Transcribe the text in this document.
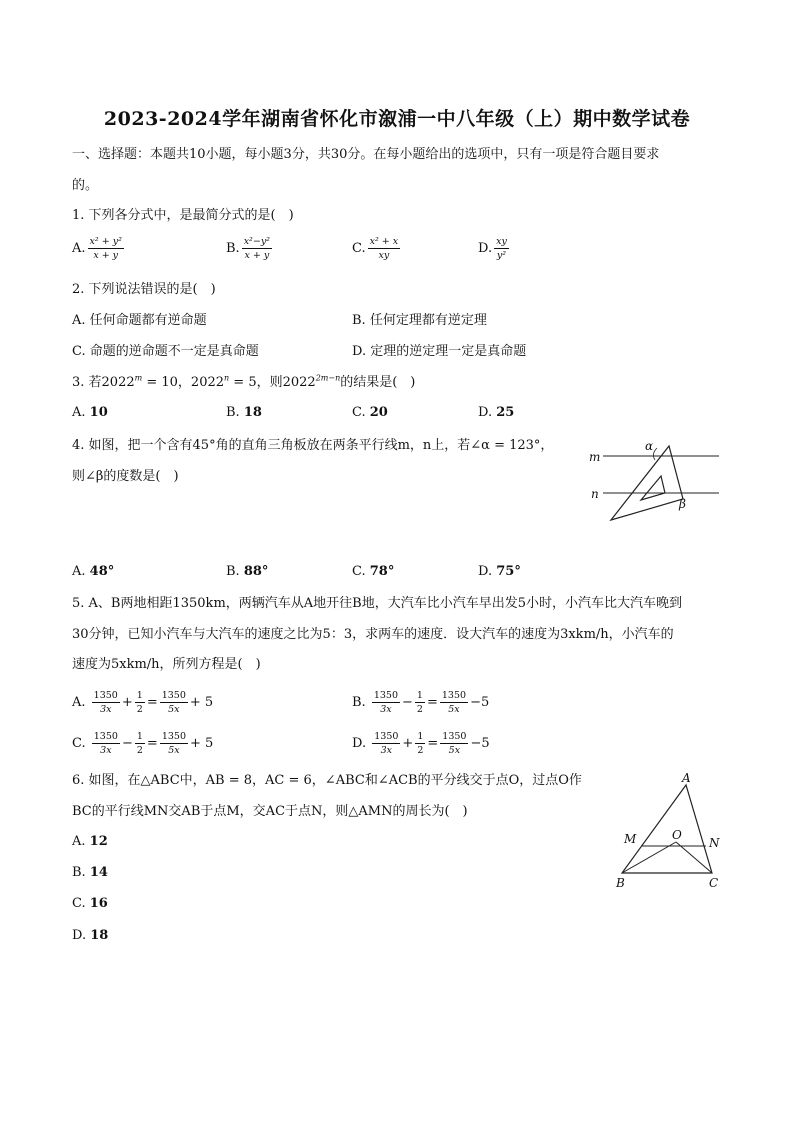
2023-2024学年湖南省怀化市溆浦一中八年级（上）期中数学试卷
一、选择题：本题共10小题，每小题3分，共30分。在每小题给出的选项中，只有一项是符合题目要求
的。
1. 下列各分式中，是最简分式的是(　)
A. $\frac{\text{x² + y²}}{x + y}$	B. $\frac{\text{x²−y²}}{x + y}$	C. $\frac{\text{x² + x}}{xy}$	D. $\frac{xy}{\text{y²}}$
2. 下列说法错误的是(　)
A. 任何命题都有逆命题	B. 任何定理都有逆定理
C. 命题的逆命题不一定是真命题	D. 定理的逆定理一定是真命题
3. 若$2022^m = 10$，$2022^n = 5$，则$2022^{2m-n}$的结果是(　)
A. 10	B. 18	C. 20	D. 25
4. 如图，把一个含有45°角的直角三角板放在两条平行线m，n上，若∠α = 123°，
则∠β的度数是(　)
m
n
α
β
A. 48°	B. 88°	C. 78°	D. 75°
5. A、B两地相距1350km，两辆汽车从A地开往B地，大汽车比小汽车早出发5小时，小汽车比大汽车晚到
30分钟，已知小汽车与大汽车的速度之比为5：3，求两车的速度．设大汽车的速度为3xkm/h，小汽车的
速度为5xkm/h，所列方程是(　)
A. $\frac{1350}{3x} + \frac{1}{2} = \frac{1350}{5x} + 5$	B. $\frac{1350}{3x} - \frac{1}{2} = \frac{1350}{5x} -5$
C. $\frac{1350}{3x} - \frac{1}{2} = \frac{1350}{5x} + 5$	D. $\frac{1350}{3x} + \frac{1}{2} = \frac{1350}{5x} -5$
6. 如图，在△ABC中，AB = 8，AC = 6，∠ABC和∠ACB的平分线交于点O，过点O作
BC的平行线MN交AB于点M，交AC于点N，则△AMN的周长为(　)
A
B	C
M	N
O
A. 12
B. 14
C. 16
D. 18
